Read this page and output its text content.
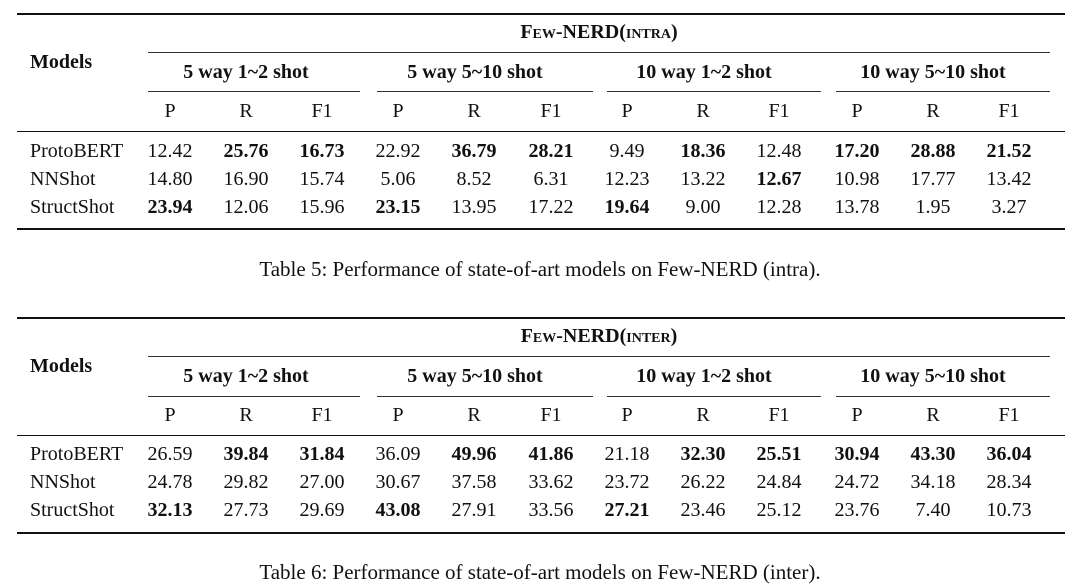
Few-NERD(intra)
Models	5 way 1~2 shot	5 way 5~10 shot	10 way 1~2 shot	10 way 5~10 shot
P	R	F1	P	R	F1	P	R	F1	P	R	F1
ProtoBERT	12.42	25.76	16.73	22.92	36.79	28.21	9.49	18.36	12.48	17.20	28.88	21.52
NNShot	14.80	16.90	15.74	5.06	8.52	6.31	12.23	13.22	12.67	10.98	17.77	13.42
StructShot	23.94	12.06	15.96	23.15	13.95	17.22	19.64	9.00	12.28	13.78	1.95	3.27
Table 5: Performance of state-of-art models on Few-NERD (intra).
Few-NERD(inter)
Models	5 way 1~2 shot	5 way 5~10 shot	10 way 1~2 shot	10 way 5~10 shot
P	R	F1	P	R	F1	P	R	F1	P	R	F1
ProtoBERT	26.59	39.84	31.84	36.09	49.96	41.86	21.18	32.30	25.51	30.94	43.30	36.04
NNShot	24.78	29.82	27.00	30.67	37.58	33.62	23.72	26.22	24.84	24.72	34.18	28.34
StructShot	32.13	27.73	29.69	43.08	27.91	33.56	27.21	23.46	25.12	23.76	7.40	10.73
Table 6: Performance of state-of-art models on Few-NERD (inter).
